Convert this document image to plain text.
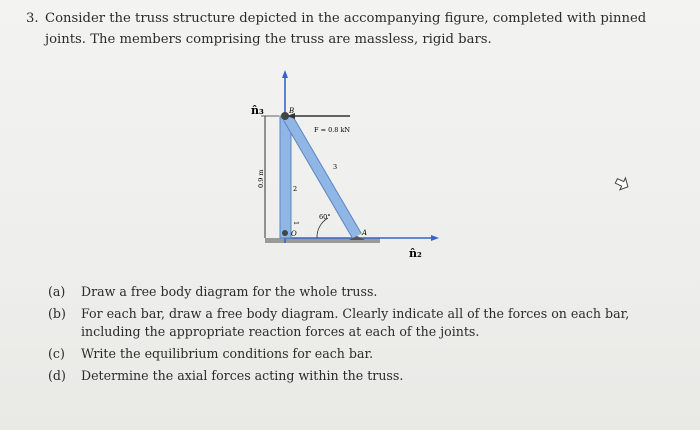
3. Consider the truss structure depicted in the accompanying figure, completed with pinned joints. The members comprising the truss are massless, rigid bars.
n̂₃	B
F = 0.8 kN
3
2
1
60°
O	A
n̂₂
0.9 m
(a) Draw a free body diagram for the whole truss.
(b) For each bar, draw a free body diagram. Clearly indicate all of the forces on each bar, including the appropriate reaction forces at each of the joints.
(c) Write the equilibrium conditions for each bar.
(d) Determine the axial forces acting within the truss.
